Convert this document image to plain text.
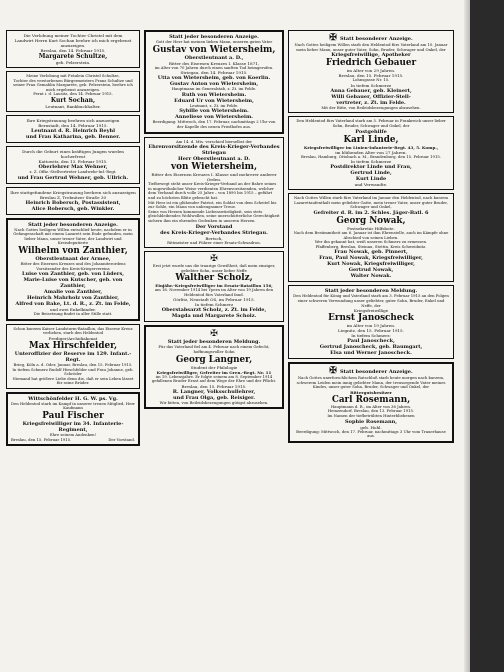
Die Verlobung meiner Tochter Christel mit dem
Landwirt Herrn Kurt Sochan beehre ich mich ergebenst anzuzeigen.
Breslau, den 14. Februar 1915.
Margarete Schultze,
geb. Pelzerstein.
Meine Verlobung mit Fräulein Christel Schultze,
Tochter des verstorbenen Bürgermeisters Franz Schultze und seiner Frau Gemahlin Margarete, geb. Pelzerstein, beehre ich mich ergebenst anzuzeigen.
Fernt i. d. Lausitz, den 14. Februar 1915.
Kurt Sochan,
Leutnant, Bankbuchhalter.
Ihre Kriegstrauung beehren sich anzuzeigen
Bernstadt, den 14. Februar 1915.
Leutnant d. R. Heinrich Beyhl
und Frau Katharina, geb. Benner.
Durch die Geburt eines kräftigen Jungen wurden hocherfreut
Kattowitz, den 13. Februar 1915.
Oberlehrer Max Wehner,
z. Z. Offiz.-Stellvertreter Landwehr-Inf.-Regt.
und Frau Gertrud Wehner, geb. Ullrich.
Ihre stattgefundene Kriegstrauung beehren sich anzuzeigen
Breslau Z, Trebnitzer Straße 30
Heinrich Bobersch, Postassistent,
Alice Bobersch, geb. Winkler.
Statt jeder besonderen Anzeige.
Nach Gottes heiligem Willen entschlief heute, nachdem er in Gefangenschaft mit einem Lazarett sein Ende gefunden, mein lieber Mann, unser treuer Vater, der Landwirt und Kreisdeputierte
Wilhelm von Zanthier,
Oberstleutnant der Armee,
Ritter des Eisernen Kreuzes und des Johanniterordens
Vorsitzender des Kreis-Kriegervereins
Luise von Zanthier, geb. von Lüders,
Marie-Luise von Kutscher, geb. von Zanthier,
Amalie von Zanthier,
Heinrich Mahrholz von Zanthier,
Alfred von Bake, Lt. d. R., z. Zt. im Felde,
und zwei Enkelkinder.
Die Beisetzung findet in aller Stille statt.
Schon kurzem Kaiser Landsturm-Bataillon, das Eiserne Kreuz verliehen, starb den Heldentod
Prediger/Archidiakonat
Max Hirschfelder,
Unteroffizier der Reserve im 129. Infant.-Regt.
Brieg, Köln a. d. Oder, Januar, Breslau, den 15. Februar 1915.
In tiefem Schmerz Rudolf Hirschfelder und Frau Johanne, geb. Schröder
Niemand hat größere Liebe denn die, daß er sein Leben lässet für seine Brüder.
Wittschönfelder H. G. W. ps. Vg.
Den Heldentod starb im Kampf in unserer treuen Mitglied, Herr Kaufmann
Paul Fischer
Kriegsfreiwilliger im 34. Infanterie-Regiment,
Ehre seinem Andenken!
Breslau, den 15. Februar 1915.	Der Vorstand.
Statt jeder besonderen Anzeige.
Gott der Herr hat meinen lieben Mann, unseren guten Vater
Gustav von Wietersheim,
Oberstleutnant a. D.,
Ritter des Eisernen Kreuzes I. Klasse 1871,
im Alter von 70 Jahren durch einen sanften Tod heimgerufen.
Striegau, den 14. Februar 1915.
Utta von Wietersheim, geb. von Koerlin.
Gustav Anton von Wietersheim,
Hauptmann im Generalstab, z. Zt. im Felde.
Ruth von Wietersheim.
Eduard Ur von Wietersheim,
Leutnant, z. Zt. im Felde.
Sybille von Wietersheim.
Anneliese von Wietersheim.
Beerdigung: Mittwoch, den 17. Februar, nachmittags 2 Uhr von der Kapelle des neuen Friedhofes aus.
Am 14. d. Mts. verschied hierselbst der
Ehrenvorsitzende des Kreis-Krieger-Verbandes Striegau
Herr Oberstleutnant a. D.
von Wietersheim,
Ritter des Eisernen Kreuzes I. Klasse und mehrerer anderer Orden.
Tiefbewegt steht unser Kreis-Krieger-Verband an der Bahre seines in ungewöhnlicher Weise verdienten Ehrenvorsitzenden, welcher dem Verband durch volle 25 Jahre – von 1890 bis 1915 – geführt und zu höchsten Blüte gebracht hat.
Mit Herz ist ein glühender Patriot, ein Soldat von dem Scheitel bis zur Sohle, ein Mann von unbeugsamer Treue.
Seine von Herzen kommende Liebenswürdigkeit, sein stets gleichbleibendes Wohlwollen, seine unerschütterliche Gerechtigkeit sichern ihm ein ehrendes Gedenken in unseren Herzen.
Der Vorstand
des Kreis-Krieger-Verbandes Striegau.
Bertsch,
Rittmeister und Führer einer Ersatz-Schwadron.
✠
Erst jetzt wurde uns die traurige Gewißheit, daß mein einziger, geliebter Sohn, unser lieber Neffe
Walther Scholz,
Einjähr.-Kriegsfreiwilliger im Ersatz-Bataillon 156,
am 16. November 1914 bei Ypern im Alter von 19 Jahren den Heldentod fürs Vaterland fand.
Görlitz, Neustadt OS, im Februar 1915.
In tiefem Schmerz
Oberstabsarzt Scholz, z. Zt. im Felde,
Magda und Margarete Scholz.
✠
Statt jeder besonderen Meldung.
Für das Vaterland fiel am 4. Februar nach einem Gefecht, hoffnungsvoller Sohn
Georg Langner,
Student der Philologie
Kriegsfreiwilliger, Gefreiter im Gren.-Regt. Nr. 11
im 19. Lebensjahre. Er folgte seinem am 8. September 1914 gefallenen Bruder Ernst auf dem Wege der Ehre und der Pflicht.
Breslau, den 15. Februar 1915.
R. Langner, Volksschullehrer,
und Frau Olga, geb. Reisiger.
Wir bitten, von Beileidsbezeugungen gütigst abzusehen.
✠ Statt besonderer Anzeige.
Nach Gottes heiligem Willen starb den Heldentod fürs Vaterland am 10. Januar mein lieber Mann, unser guter Vater, Sohn, Bruder, Schwager und Onkel, der
Kriegsfreiwillige, Apotheker
Friedrich Gebauer
im Alter von 29 Jahren.
Breslau, den 15. Februar 1915.
Lohnsgasse Nr. 15.
In tiefem Schmerze
Anna Gebauer, geb. Kleinert,
Willi Gebauer, Offizier-Stell-
vertreter, z. Zt. im Felde.
Mit der Bitte, von Beileidsbezeugungen abzusehen.
Den Heldentod fürs Vaterland starb am 5. Februar in Frankreich unser lieber Sohn, Bruder, Schwager und Onkel, der
Postgehilfe
Karl Linde,
Kriegsfreiwilliger im Linien-Infanterie-Regt. 43, 5. Komp.,
im blühenden Alter von 27 Jahren.
Breslau, Hamburg, Ottobach a. M., Brandenburg, den 15. Februar 1915.
In tiefem Schmerze
Postdirektor Linde und Frau,
Gertrud Linde,
Kurt Linde
und Verwandte.
Nach Gottes Willen starb fürs Vaterland im Januar den Heldentod, nach kurzem Lazarettaufenthalt mein geliebter Gatte, mein treuer Vater, unser guter Bruder, Schwager und Onkel,
Gefreiter d. R. im 2. Schles. Jäger-Batl. 6
Georg Nowak,
Postsekretär Hilfsbote.
Nach dem Bestimmtheit am 6. Januar ist ihm Ehrenstelle, auch im Kämpfe ohne Abschied von seinen Lieben.
Wer ihn gekannt hat, weiß unseren Schmerz zu ermessen.
Pfaffenberg, Breslau, Steinau, Stettin, Kreis Schweidnitz.
Frau Nowak, geb. Pinnert,
Frau, Paul Nowak, Kriegsfreiwilliger,
Kurt Nowak, Kriegsfreiwilliger,
Gertrud Nowak,
Walter Nowak.
Statt jeder besonderen Meldung.
Den Heldentod für König und Vaterland starb am 3. Februar 1915 an den Folgen einer schweren Verwundung unser geliebter, guter Sohn, Bruder, Enkel und Neffe, der
Kriegsfreiwillige
Ernst Janoscheck
im Alter von 19 Jahren.
Liegnitz, den 15. Februar 1915.
In tiefem Schmerz:
Paul Janoscheck,
Gertrud Janoscheck, geb. Baumgart,
Elsa und Werner Janoscheck.
✠ Statt besonderer Anzeige.
Nach Gottes unerforschlichem Ratschluß starb heute morgen nach kurzem, schwerem Leiden mein innig geliebter Mann, der treusorgende Vater meines Kindes, unser guter Sohn, Bruder, Schwager und Onkel, der
Rittergutsbesitzer
Carl Rosemann,
Hauptmann d. R., im Alter von 36 Jahren.
Heinzendorf, Breslau, den 13. Februar 1915.
Im Namen der tiefbetrübten Hinterbliebenen
Sophie Rosemann,
geb. Hohl.
Beerdigung: Mittwoch, den 17. Februar, nachmittags 3 Uhr vom Trauerhause aus.
